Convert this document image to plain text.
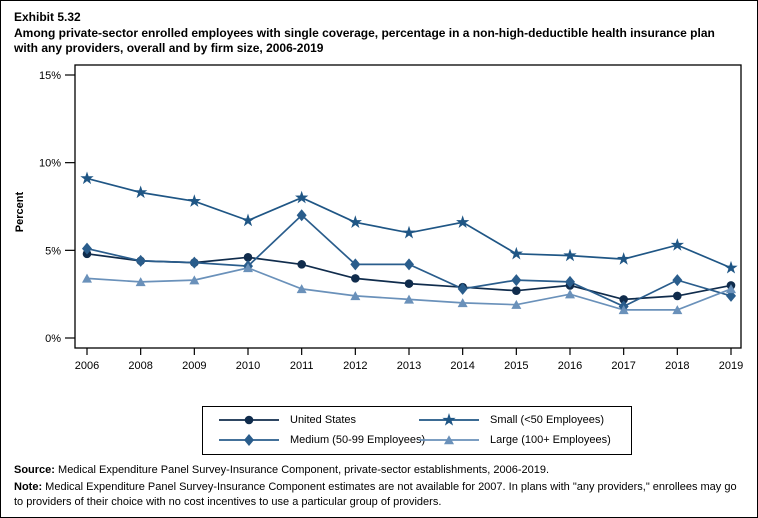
Exhibit 5.32
Among private-sector enrolled employees with single coverage, percentage in a non-high-deductible health insurance plan with any providers, overall and by firm size, 2006-2019
Percent
0%
5%
10%
15%
2006	2008	2009	2010	2011	2012	2013	2014	2015	2016	2017	2018	2019
United States	Small (<50 Employees)
Medium (50-99 Employees)	Large (100+ Employees)

Source: Medical Expenditure Panel Survey-Insurance Component, private-sector establishments, 2006-2019.

Note: Medical Expenditure Panel Survey-Insurance Component estimates are not available for 2007. In plans with "any providers," enrollees may go to providers of their choice with no cost incentives to use a particular group of providers.
